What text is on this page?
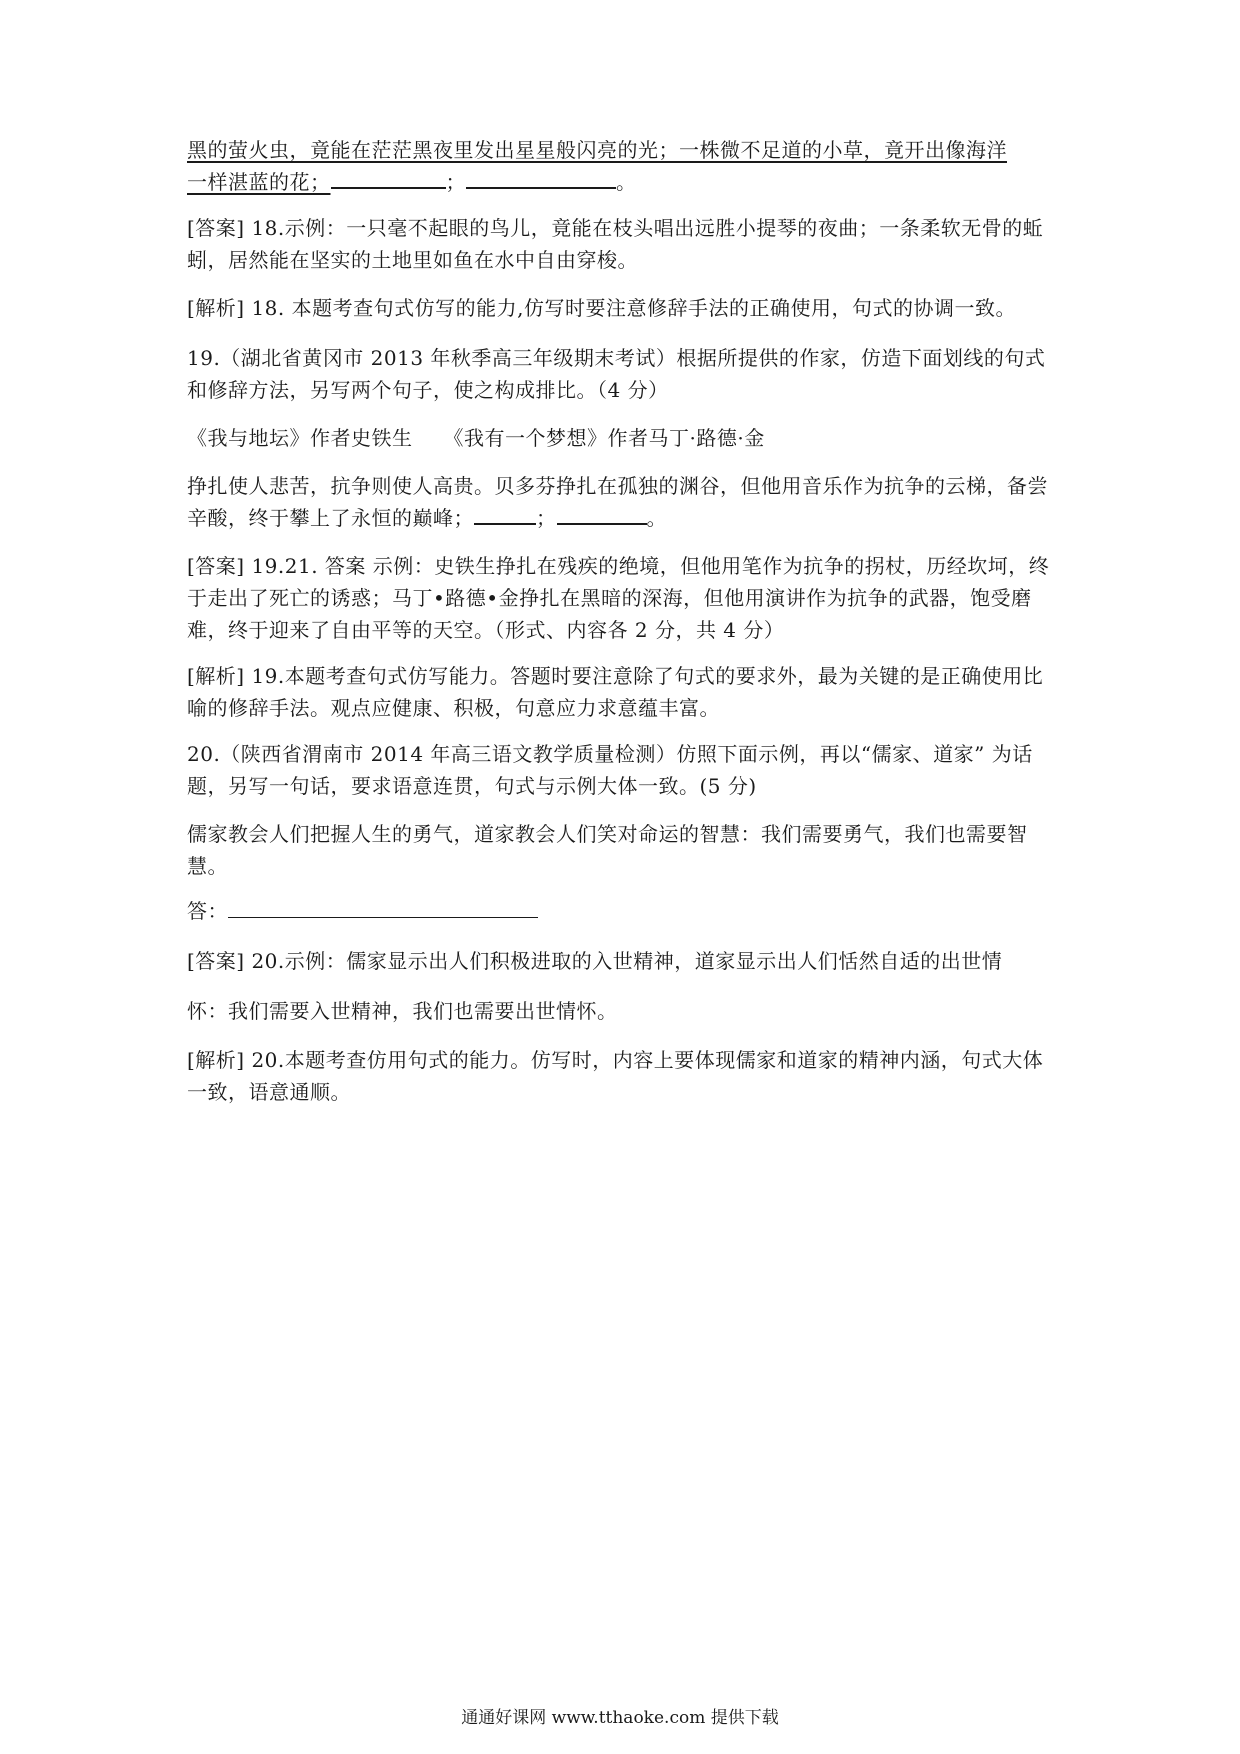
黑的萤火虫，竟能在茫茫黑夜里发出星星般闪亮的光；一株微不足道的小草，竟开出像海洋
一样湛蓝的花；	；	。

[答案] 18.示例：一只毫不起眼的鸟儿，竟能在枝头唱出远胜小提琴的夜曲；一条柔软无骨的蚯蚓，居然能在坚实的土地里如鱼在水中自由穿梭。

[解析] 18. 本题考查句式仿写的能力,仿写时要注意修辞手法的正确使用，句式的协调一致。

19.（湖北省黄冈市 2013 年秋季高三年级期末考试）根据所提供的作家，仿造下面划线的句式和修辞方法，另写两个句子，使之构成排比。（4 分）

《我与地坛》作者史铁生　　《我有一个梦想》作者马丁·路德·金

挣扎使人悲苦，抗争则使人高贵。贝多芬挣扎在孤独的渊谷，但他用音乐作为抗争的云梯，备尝辛酸，终于攀上了永恒的巅峰；	；	。

[答案] 19.21. 答案 示例：史铁生挣扎在残疾的绝境，但他用笔作为抗争的拐杖，历经坎坷，终于走出了死亡的诱惑；马丁•路德•金挣扎在黑暗的深海，但他用演讲作为抗争的武器，饱受磨难，终于迎来了自由平等的天空。（形式、内容各 2 分，共 4 分）

[解析] 19.本题考查句式仿写能力。答题时要注意除了句式的要求外，最为关键的是正确使用比喻的修辞手法。观点应健康、积极，句意应力求意蕴丰富。

20.（陕西省渭南市 2014 年高三语文教学质量检测）仿照下面示例，再以“儒家、道家” 为话题，另写一句话，要求语意连贯，句式与示例大体一致。(5 分)

儒家教会人们把握人生的勇气，道家教会人们笑对命运的智慧：我们需要勇气，我们也需要智慧。

答：

[答案] 20.示例：儒家显示出人们积极进取的入世精神，道家显示出人们恬然自适的出世情

怀：我们需要入世精神，我们也需要出世情怀。

[解析] 20.本题考查仿用句式的能力。仿写时，内容上要体现儒家和道家的精神内涵，句式大体一致，语意通顺。

通通好课网 www.tthaoke.com 提供下载
